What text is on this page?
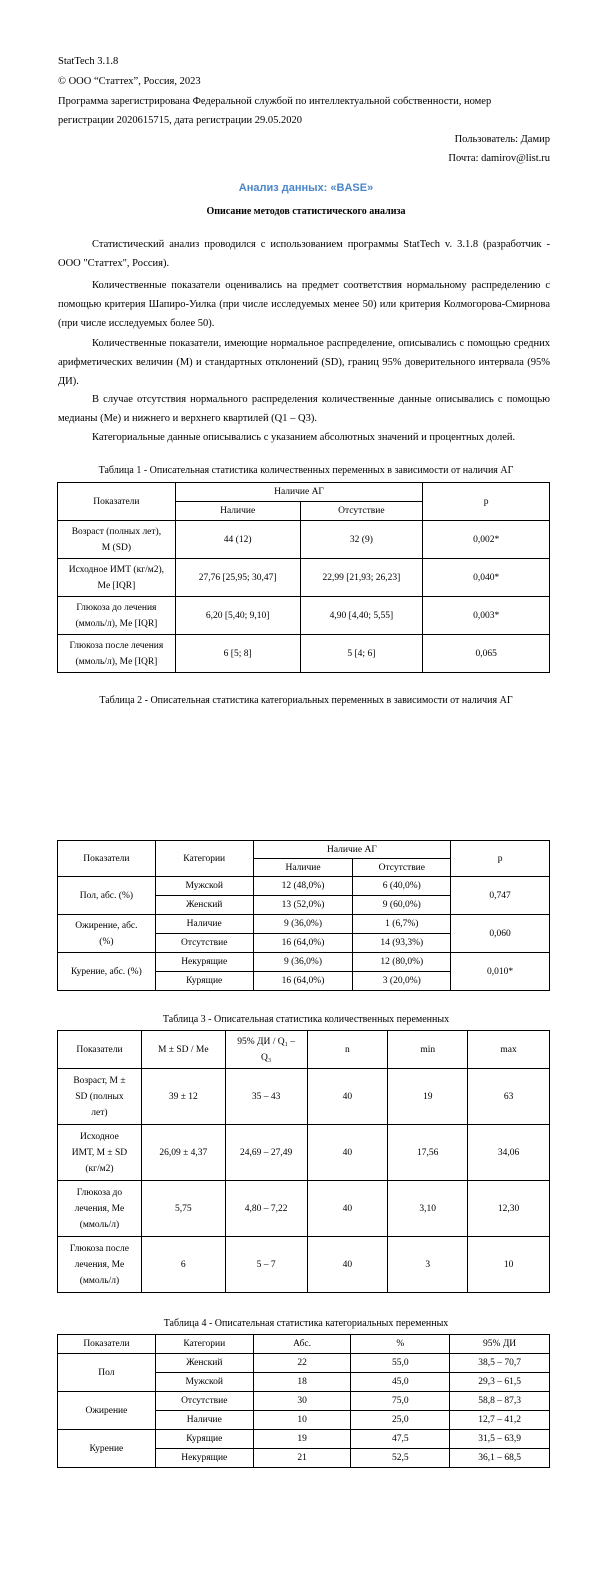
StatTech 3.1.8
© ООО “Статтех”, Россия, 2023
Программа зарегистрирована Федеральной службой по интеллектуальной собственности, номер
регистрации 2020615715, дата регистрации 29.05.2020
Пользователь: Дамир
Почта: damirov@list.ru
Анализ данных: «BASE»
Описание методов статистического анализа
Статистический анализ проводился с использованием программы StatTech v. 3.1.8 (разработчик - ООО "Статтех", Россия).
Количественные показатели оценивались на предмет соответствия нормальному распределению с помощью критерия Шапиро-Уилка (при числе исследуемых менее 50) или критерия Колмогорова-Смирнова (при числе исследуемых более 50).
Количественные показатели, имеющие нормальное распределение, описывались с помощью средних арифметических величин (M) и стандартных отклонений (SD), границ 95% доверительного интервала (95% ДИ).
В случае отсутствия нормального распределения количественные данные описывались с помощью медианы (Me) и нижнего и верхнего квартилей (Q1 – Q3).
Категориальные данные описывались с указанием абсолютных значений и процентных долей.
Таблица 1 - Описательная статистика количественных переменных в зависимости от наличия АГ
Показатели	Наличие АГ		p
	Наличие	Отсутствие	
Возраст (полных лет),
M (SD)	44 (12)	32 (9)	0,002*
Исходное ИМТ (кг/м2),
Me [IQR]	27,76 [25,95; 30,47]	22,99 [21,93; 26,23]	0,040*
Глюкоза до лечения
(ммоль/л), Me [IQR]	6,20 [5,40; 9,10]	4,90 [4,40; 5,55]	0,003*
Глюкоза после лечения
(ммоль/л), Me [IQR]	6 [5; 8]	5 [4; 6]	0,065
Таблица 2 - Описательная статистика категориальных переменных в зависимости от наличия АГ
Показатели	Категории	Наличие АГ		p
		Наличие	Отсутствие	
Пол, абс. (%)	Мужской	12 (48,0%)	6 (40,0%)	0,747
	Женский	13 (52,0%)	9 (60,0%)	
Ожирение, абс.
(%)	Наличие	9 (36,0%)	1 (6,7%)	0,060
	Отсутствие	16 (64,0%)	14 (93,3%)	
Курение, абс. (%)	Некурящие	9 (36,0%)	12 (80,0%)	0,010*
	Курящие	16 (64,0%)	3 (20,0%)	
Таблица 3 - Описательная статистика количественных переменных
Показатели	M ± SD / Me	95% ДИ / Q₁ –
Q₃	n	min	max
Возраст, M ±
SD (полных
лет)	39 ± 12	35 – 43	40	19	63
Исходное
ИМТ, M ± SD
(кг/м2)	26,09 ± 4,37	24,69 – 27,49	40	17,56	34,06
Глюкоза до
лечения, Me
(ммоль/л)	5,75	4,80 – 7,22	40	3,10	12,30
Глюкоза после
лечения, Me
(ммоль/л)	6	5 – 7	40	3	10
Таблица 4 - Описательная статистика категориальных переменных
Показатели	Категории	Абс.	%	95% ДИ
Пол	Женский	22	55,0	38,5 – 70,7
	Мужской	18	45,0	29,3 – 61,5
Ожирение	Отсутствие	30	75,0	58,8 – 87,3
	Наличие	10	25,0	12,7 – 41,2
Курение	Курящие	19	47,5	31,5 – 63,9
	Некурящие	21	52,5	36,1 – 68,5
